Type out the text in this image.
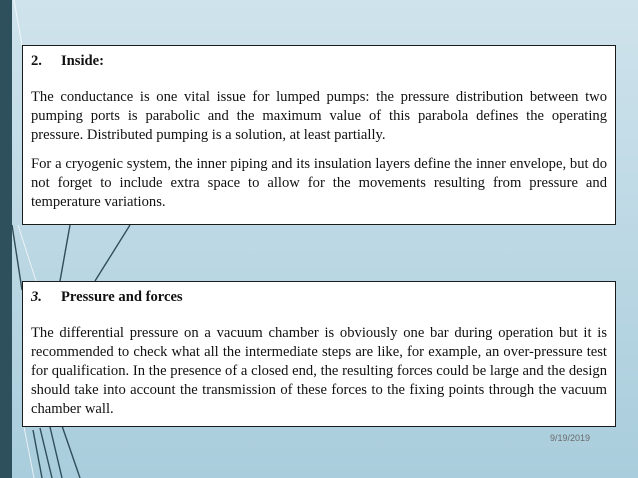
2.	Inside:

The conductance is one vital issue for lumped pumps: the pressure distribution between two pumping ports is parabolic and the maximum value of this parabola defines the operating pressure. Distributed pumping is a solution, at least partially.

For a cryogenic system, the inner piping and its insulation layers define the inner envelope, but do not forget to include extra space to allow for the movements resulting from pressure and temperature variations.

3.	Pressure and forces

The differential pressure on a vacuum chamber is obviously one bar during operation but it is recommended to check what all the intermediate steps are like, for example, an over-pressure test for qualification. In the presence of a closed end, the resulting forces could be large and the design should take into account the transmission of these forces to the fixing points through the vacuum chamber wall.

9/19/2019
